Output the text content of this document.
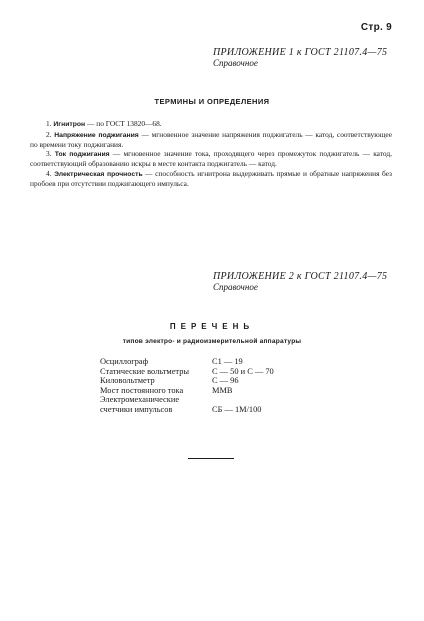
Стр. 9
ПРИЛОЖЕНИЕ 1 к ГОСТ 21107.4—75
Справочное
ТЕРМИНЫ И ОПРЕДЕЛЕНИЯ

1. Игнитрон — по ГОСТ 13820—68.

2. Напряжение поджигания — мгновенное значение напряжения поджигатель — катод, соответствующее по времени току поджигания.

3. Ток поджигания — мгновенное значение тока, проходящего через промежуток поджигатель — катод, соответствующий образованию искры в месте контакта поджигатель — катод.

4. Электрическая прочность — способность игнитрона выдерживать прямые и обратные напряжения без пробоев при отсутствии поджигающего импульса.

ПРИЛОЖЕНИЕ 2 к ГОСТ 21107.4—75
Справочное
ПЕРЕЧЕНЬ
типов электро- и радиоизмерительной аппаратуры
Осциллограф	С1 — 19
Статические вольтметры	С — 50 и С — 70
Киловольтметр	С — 96
Мост постоянного тока	ММВ
Электромеханические
счетчики импульсов	СБ — 1М/100
